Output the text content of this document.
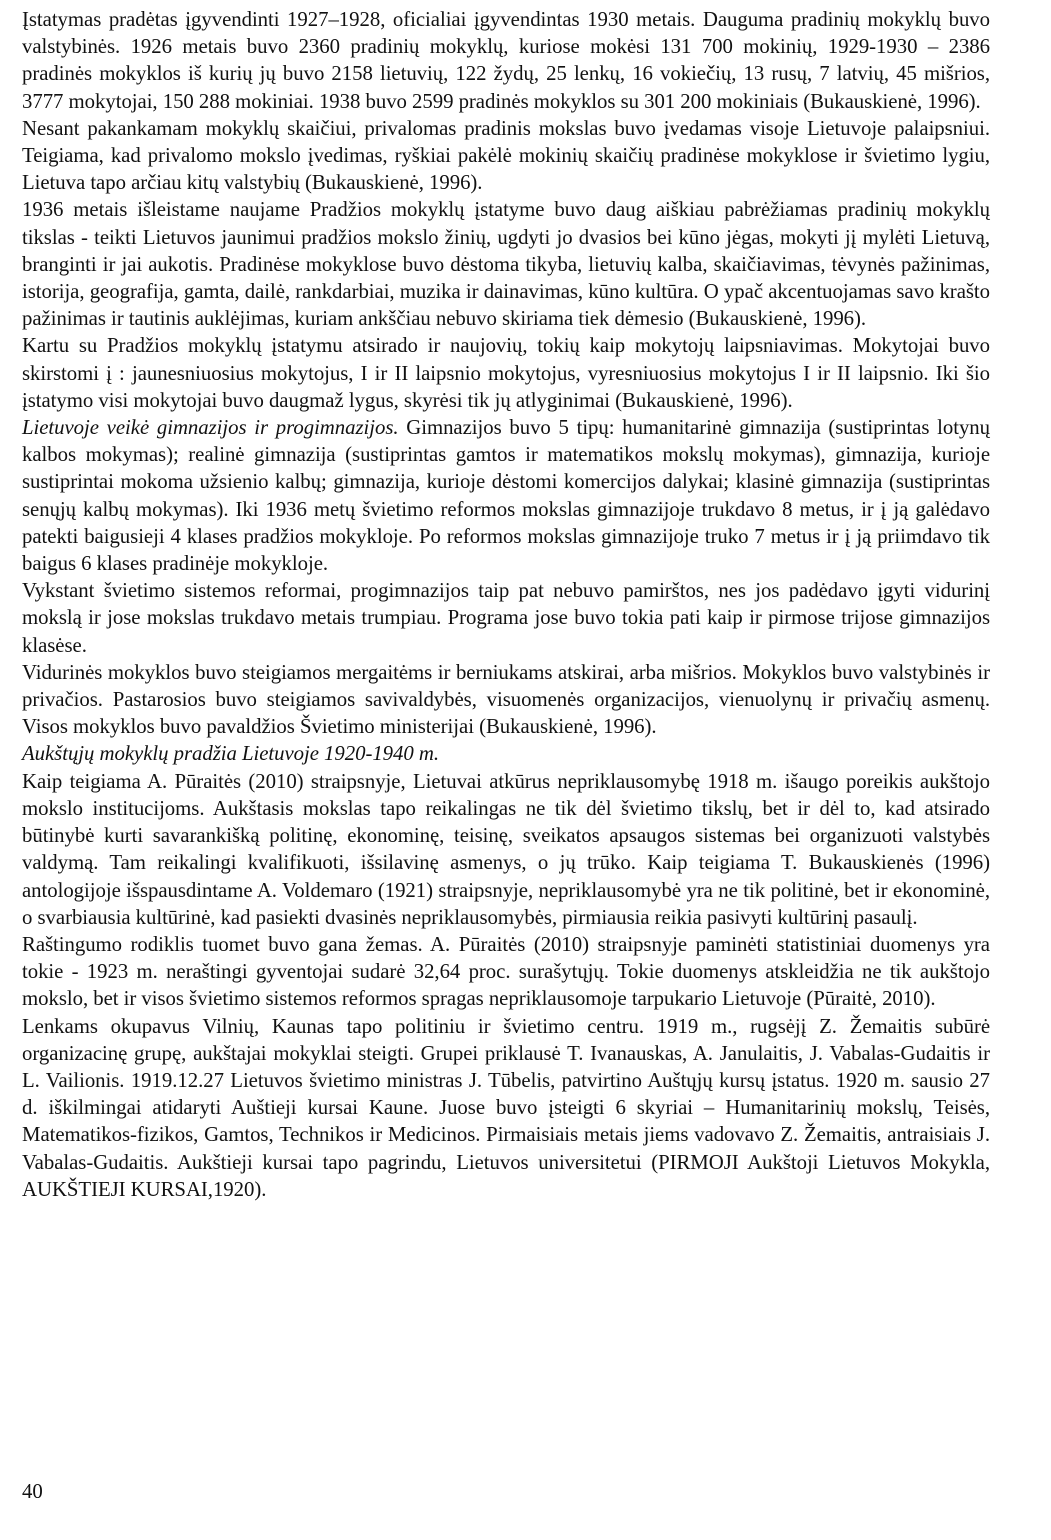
Įstatymas pradėtas įgyvendinti 1927–1928, oficialiai įgyvendintas 1930 metais. Dauguma pradinių mokyklų buvo valstybinės. 1926 metais buvo 2360 pradinių mokyklų, kuriose mokėsi 131 700 mokinių, 1929-1930 – 2386 pradinės mokyklos iš kurių jų buvo 2158 lietuvių, 122 žydų, 25 lenkų, 16 vokiečių, 13 rusų, 7 latvių, 45 mišrios, 3777 mokytojai, 150 288 mokiniai. 1938 buvo 2599 pradinės mokyklos su 301 200 mokiniais (Bukauskienė, 1996).

Nesant pakankamam mokyklų skaičiui, privalomas pradinis mokslas buvo įvedamas visoje Lietuvoje palaipsniui. Teigiama, kad privalomo mokslo įvedimas, ryškiai pakėlė mokinių skaičių pradinėse mokyklose ir švietimo lygiu, Lietuva tapo arčiau kitų valstybių (Bukauskienė, 1996).

1936 metais išleistame naujame Pradžios mokyklų įstatyme buvo daug aiškiau pabrėžiamas pradinių mokyklų tikslas - teikti Lietuvos jaunimui pradžios mokslo žinių, ugdyti jo dvasios bei kūno jėgas, mokyti jį mylėti Lietuvą, branginti ir jai aukotis. Pradinėse mokyklose buvo dėstoma tikyba, lietuvių kalba, skaičiavimas, tėvynės pažinimas, istorija, geografija, gamta, dailė, rankdarbiai, muzika ir dainavimas, kūno kultūra. O ypač akcentuojamas savo krašto pažinimas ir tautinis auklėjimas, kuriam ankščiau nebuvo skiriama tiek dėmesio (Bukauskienė, 1996).

Kartu su Pradžios mokyklų įstatymu atsirado ir naujovių, tokių kaip mokytojų laipsniavimas. Mokytojai buvo skirstomi į : jaunesniuosius mokytojus, I ir II laipsnio mokytojus, vyresniuosius mokytojus I ir II laipsnio. Iki šio įstatymo visi mokytojai buvo daugmaž lygus, skyrėsi tik jų atlyginimai (Bukauskienė, 1996).

Lietuvoje veikė gimnazijos ir progimnazijos. Gimnazijos buvo 5 tipų: humanitarinė gimnazija (sustiprintas lotynų kalbos mokymas); realinė gimnazija (sustiprintas gamtos ir matematikos mokslų mokymas), gimnazija, kurioje sustiprintai mokoma užsienio kalbų; gimnazija, kurioje dėstomi komercijos dalykai; klasinė gimnazija (sustiprintas senųjų kalbų mokymas). Iki 1936 metų švietimo reformos mokslas gimnazijoje trukdavo 8 metus, ir į ją galėdavo patekti baigusieji 4 klases pradžios mokykloje. Po reformos mokslas gimnazijoje truko 7 metus ir į ją priimdavo tik baigus 6 klases pradinėje mokykloje.

Vykstant švietimo sistemos reformai, progimnazijos taip pat nebuvo pamirštos, nes jos padėdavo įgyti vidurinį mokslą ir jose mokslas trukdavo metais trumpiau. Programa jose buvo tokia pati kaip ir pirmose trijose gimnazijos klasėse.

Vidurinės mokyklos buvo steigiamos mergaitėms ir berniukams atskirai, arba mišrios. Mokyklos buvo valstybinės ir privačios. Pastarosios buvo steigiamos savivaldybės, visuomenės organizacijos, vienuolynų ir privačių asmenų. Visos mokyklos buvo pavaldžios Švietimo ministerijai (Bukauskienė, 1996).

Aukštųjų mokyklų pradžia Lietuvoje 1920-1940 m.

Kaip teigiama A. Pūraitės (2010) straipsnyje, Lietuvai atkūrus nepriklausomybę 1918 m. išaugo poreikis aukštojo mokslo institucijoms. Aukštasis mokslas tapo reikalingas ne tik dėl švietimo tikslų, bet ir dėl to, kad atsirado būtinybė kurti savarankišką politinę, ekonominę, teisinę, sveikatos apsaugos sistemas bei organizuoti valstybės valdymą. Tam reikalingi kvalifikuoti, išsilavinę asmenys, o jų trūko. Kaip teigiama T. Bukauskienės (1996) antologijoje išspausdintame A. Voldemaro (1921) straipsnyje, nepriklausomybė yra ne tik politinė, bet ir ekonominė, o svarbiausia kultūrinė, kad pasiekti dvasinės nepriklausomybės, pirmiausia reikia pasivyti kultūrinį pasaulį.

Raštingumo rodiklis tuomet buvo gana žemas. A. Pūraitės (2010) straipsnyje paminėti statistiniai duomenys yra tokie - 1923 m. neraštingi gyventojai sudarė 32,64 proc. surašytųjų. Tokie duomenys atskleidžia ne tik aukštojo mokslo, bet ir visos švietimo sistemos reformos spragas nepriklausomoje tarpukario Lietuvoje (Pūraitė, 2010).

Lenkams okupavus Vilnių, Kaunas tapo politiniu ir švietimo centru. 1919 m., rugsėjį Z. Žemaitis subūrė organizacinę grupę, aukštajai mokyklai steigti. Grupei priklausė T. Ivanauskas, A. Janulaitis, J. Vabalas-Gudaitis ir L. Vailionis. 1919.12.27 Lietuvos švietimo ministras J. Tūbelis, patvirtino Auštųjų kursų įstatus. 1920 m. sausio 27 d. iškilmingai atidaryti Auštieji kursai Kaune. Juose buvo įsteigti 6 skyriai – Humanitarinių mokslų, Teisės, Matematikos-fizikos, Gamtos, Technikos ir Medicinos. Pirmaisiais metais jiems vadovavo Z. Žemaitis, antraisiais J. Vabalas-Gudaitis. Aukštieji kursai tapo pagrindu, Lietuvos universitetui (PIRMOJI Aukštoji Lietuvos Mokykla, AUKŠTIEJI KURSAI,1920).

40
